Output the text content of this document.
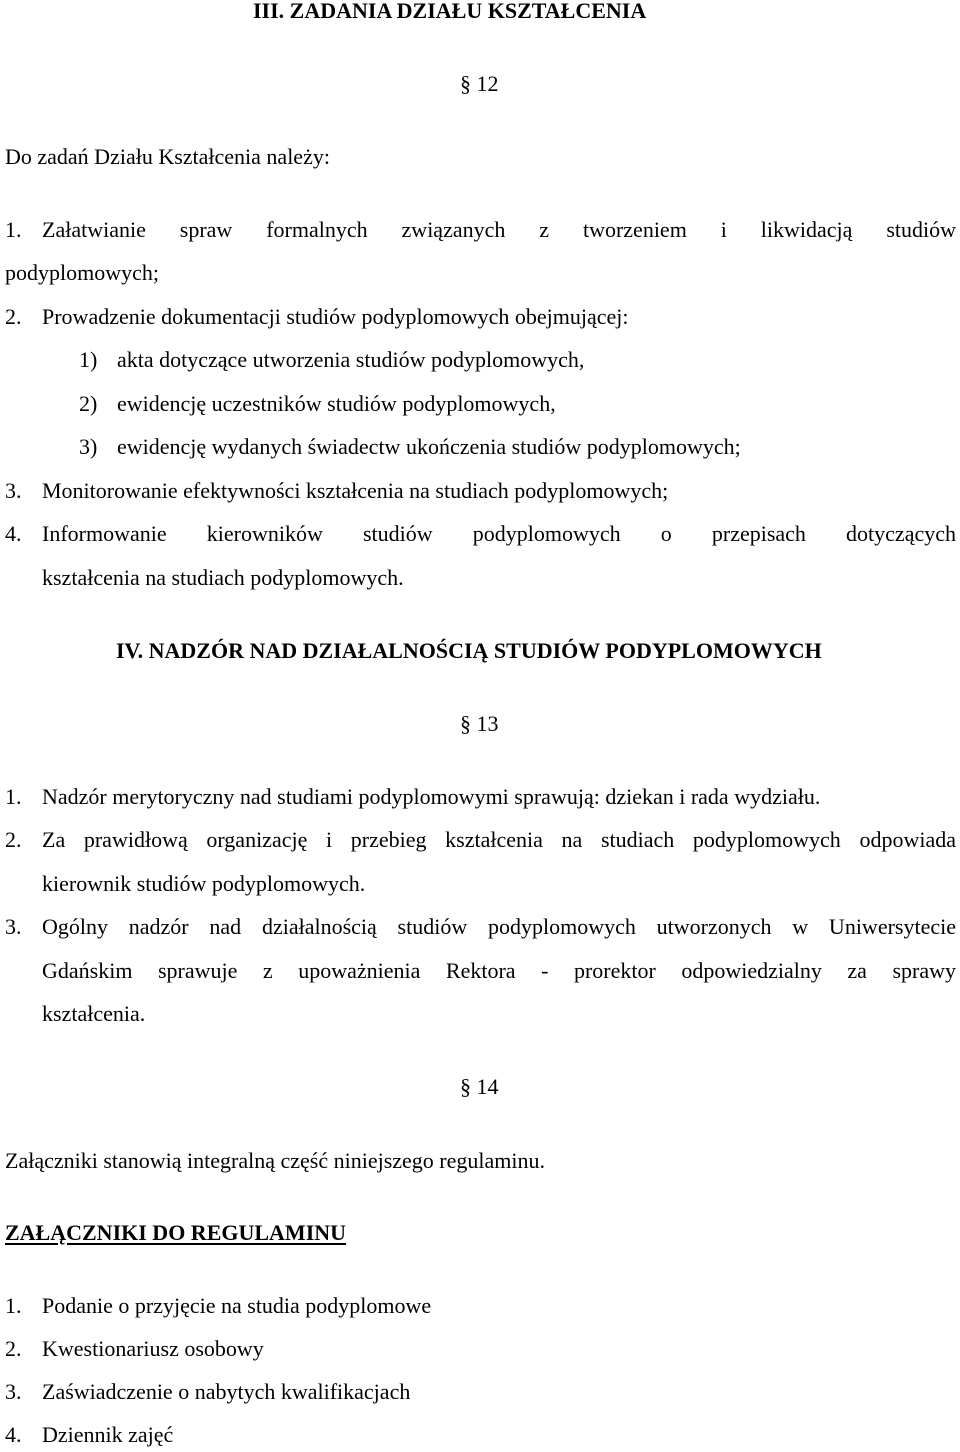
III. ZADANIA DZIAŁU KSZTAŁCENIA
§ 12
Do zadań Działu Kształcenia należy:
1. Załatwianie spraw formalnych związanych z tworzeniem i likwidacją studiów
podyplomowych;
2. Prowadzenie dokumentacji studiów podyplomowych obejmującej:
1) akta dotyczące utworzenia studiów podyplomowych,
2) ewidencję uczestników studiów podyplomowych,
3) ewidencję wydanych świadectw ukończenia studiów podyplomowych;
3. Monitorowanie efektywności kształcenia na studiach podyplomowych;
4. Informowanie kierowników studiów podyplomowych o przepisach dotyczących
kształcenia na studiach podyplomowych.
IV. NADZÓR NAD DZIAŁALNOŚCIĄ STUDIÓW PODYPLOMOWYCH
§ 13
1. Nadzór merytoryczny nad studiami podyplomowymi sprawują: dziekan i rada wydziału.
2. Za prawidłową organizację i przebieg kształcenia na studiach podyplomowych odpowiada
kierownik studiów podyplomowych.
3. Ogólny nadzór nad działalnością studiów podyplomowych utworzonych w Uniwersytecie
Gdańskim sprawuje z upoważnienia Rektora - prorektor odpowiedzialny za sprawy
kształcenia.
§ 14
Załączniki stanowią integralną część niniejszego regulaminu.
ZAŁĄCZNIKI DO REGULAMINU
1. Podanie o przyjęcie na studia podyplomowe
2. Kwestionariusz osobowy
3. Zaświadczenie o nabytych kwalifikacjach
4. Dziennik zajęć
